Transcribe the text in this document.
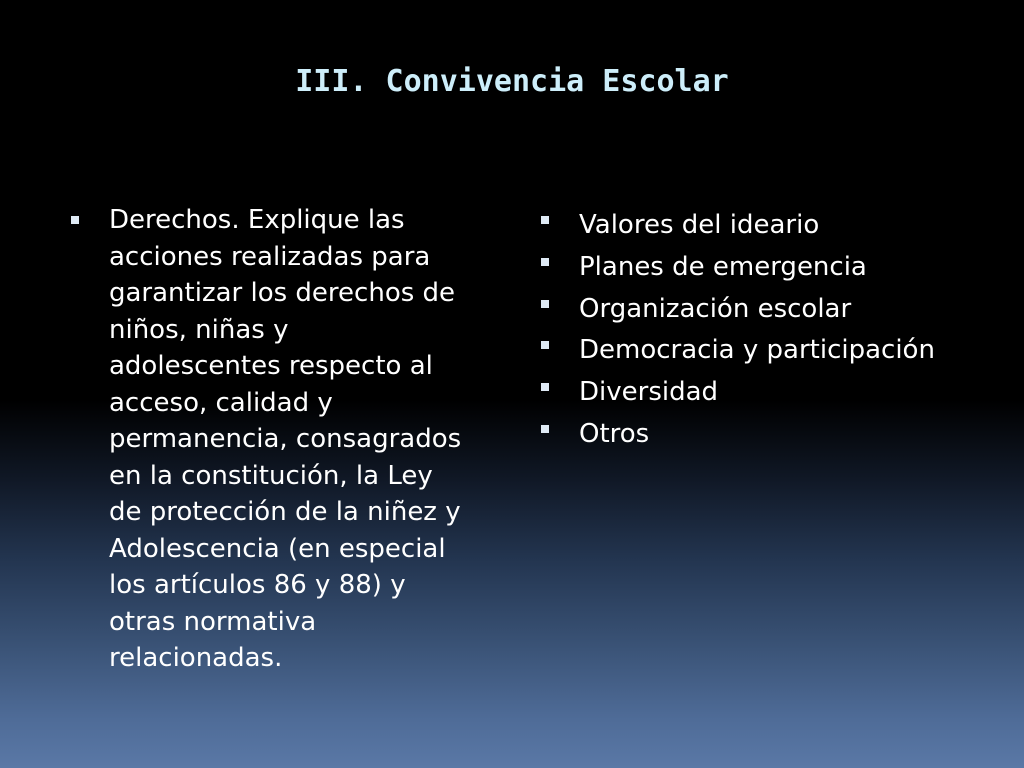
III. Convivencia Escolar
Derechos. Explique las
acciones realizadas para
garantizar los derechos de
niños, niñas y
adolescentes respecto al
acceso, calidad y
permanencia, consagrados
en la constitución, la Ley
de protección de la niñez y
Adolescencia (en especial
los artículos 86 y 88) y
otras normativa
relacionadas.
Valores del ideario
Planes de emergencia
Organización escolar
Democracia y participación
Diversidad
Otros
